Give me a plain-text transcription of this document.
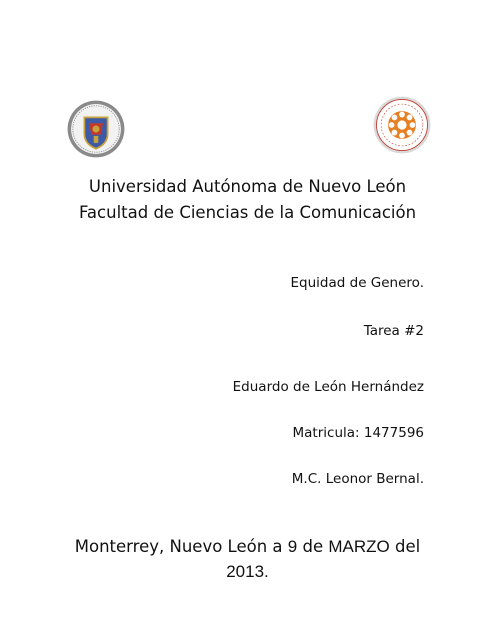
Universidad Autónoma de Nuevo León
Facultad de Ciencias de la Comunicación
Equidad de Genero.
Tarea #2
Eduardo de León Hernández
Matricula: 1477596
M.C. Leonor Bernal.
Monterrey, Nuevo León a 9 de MARZO del
2013.
